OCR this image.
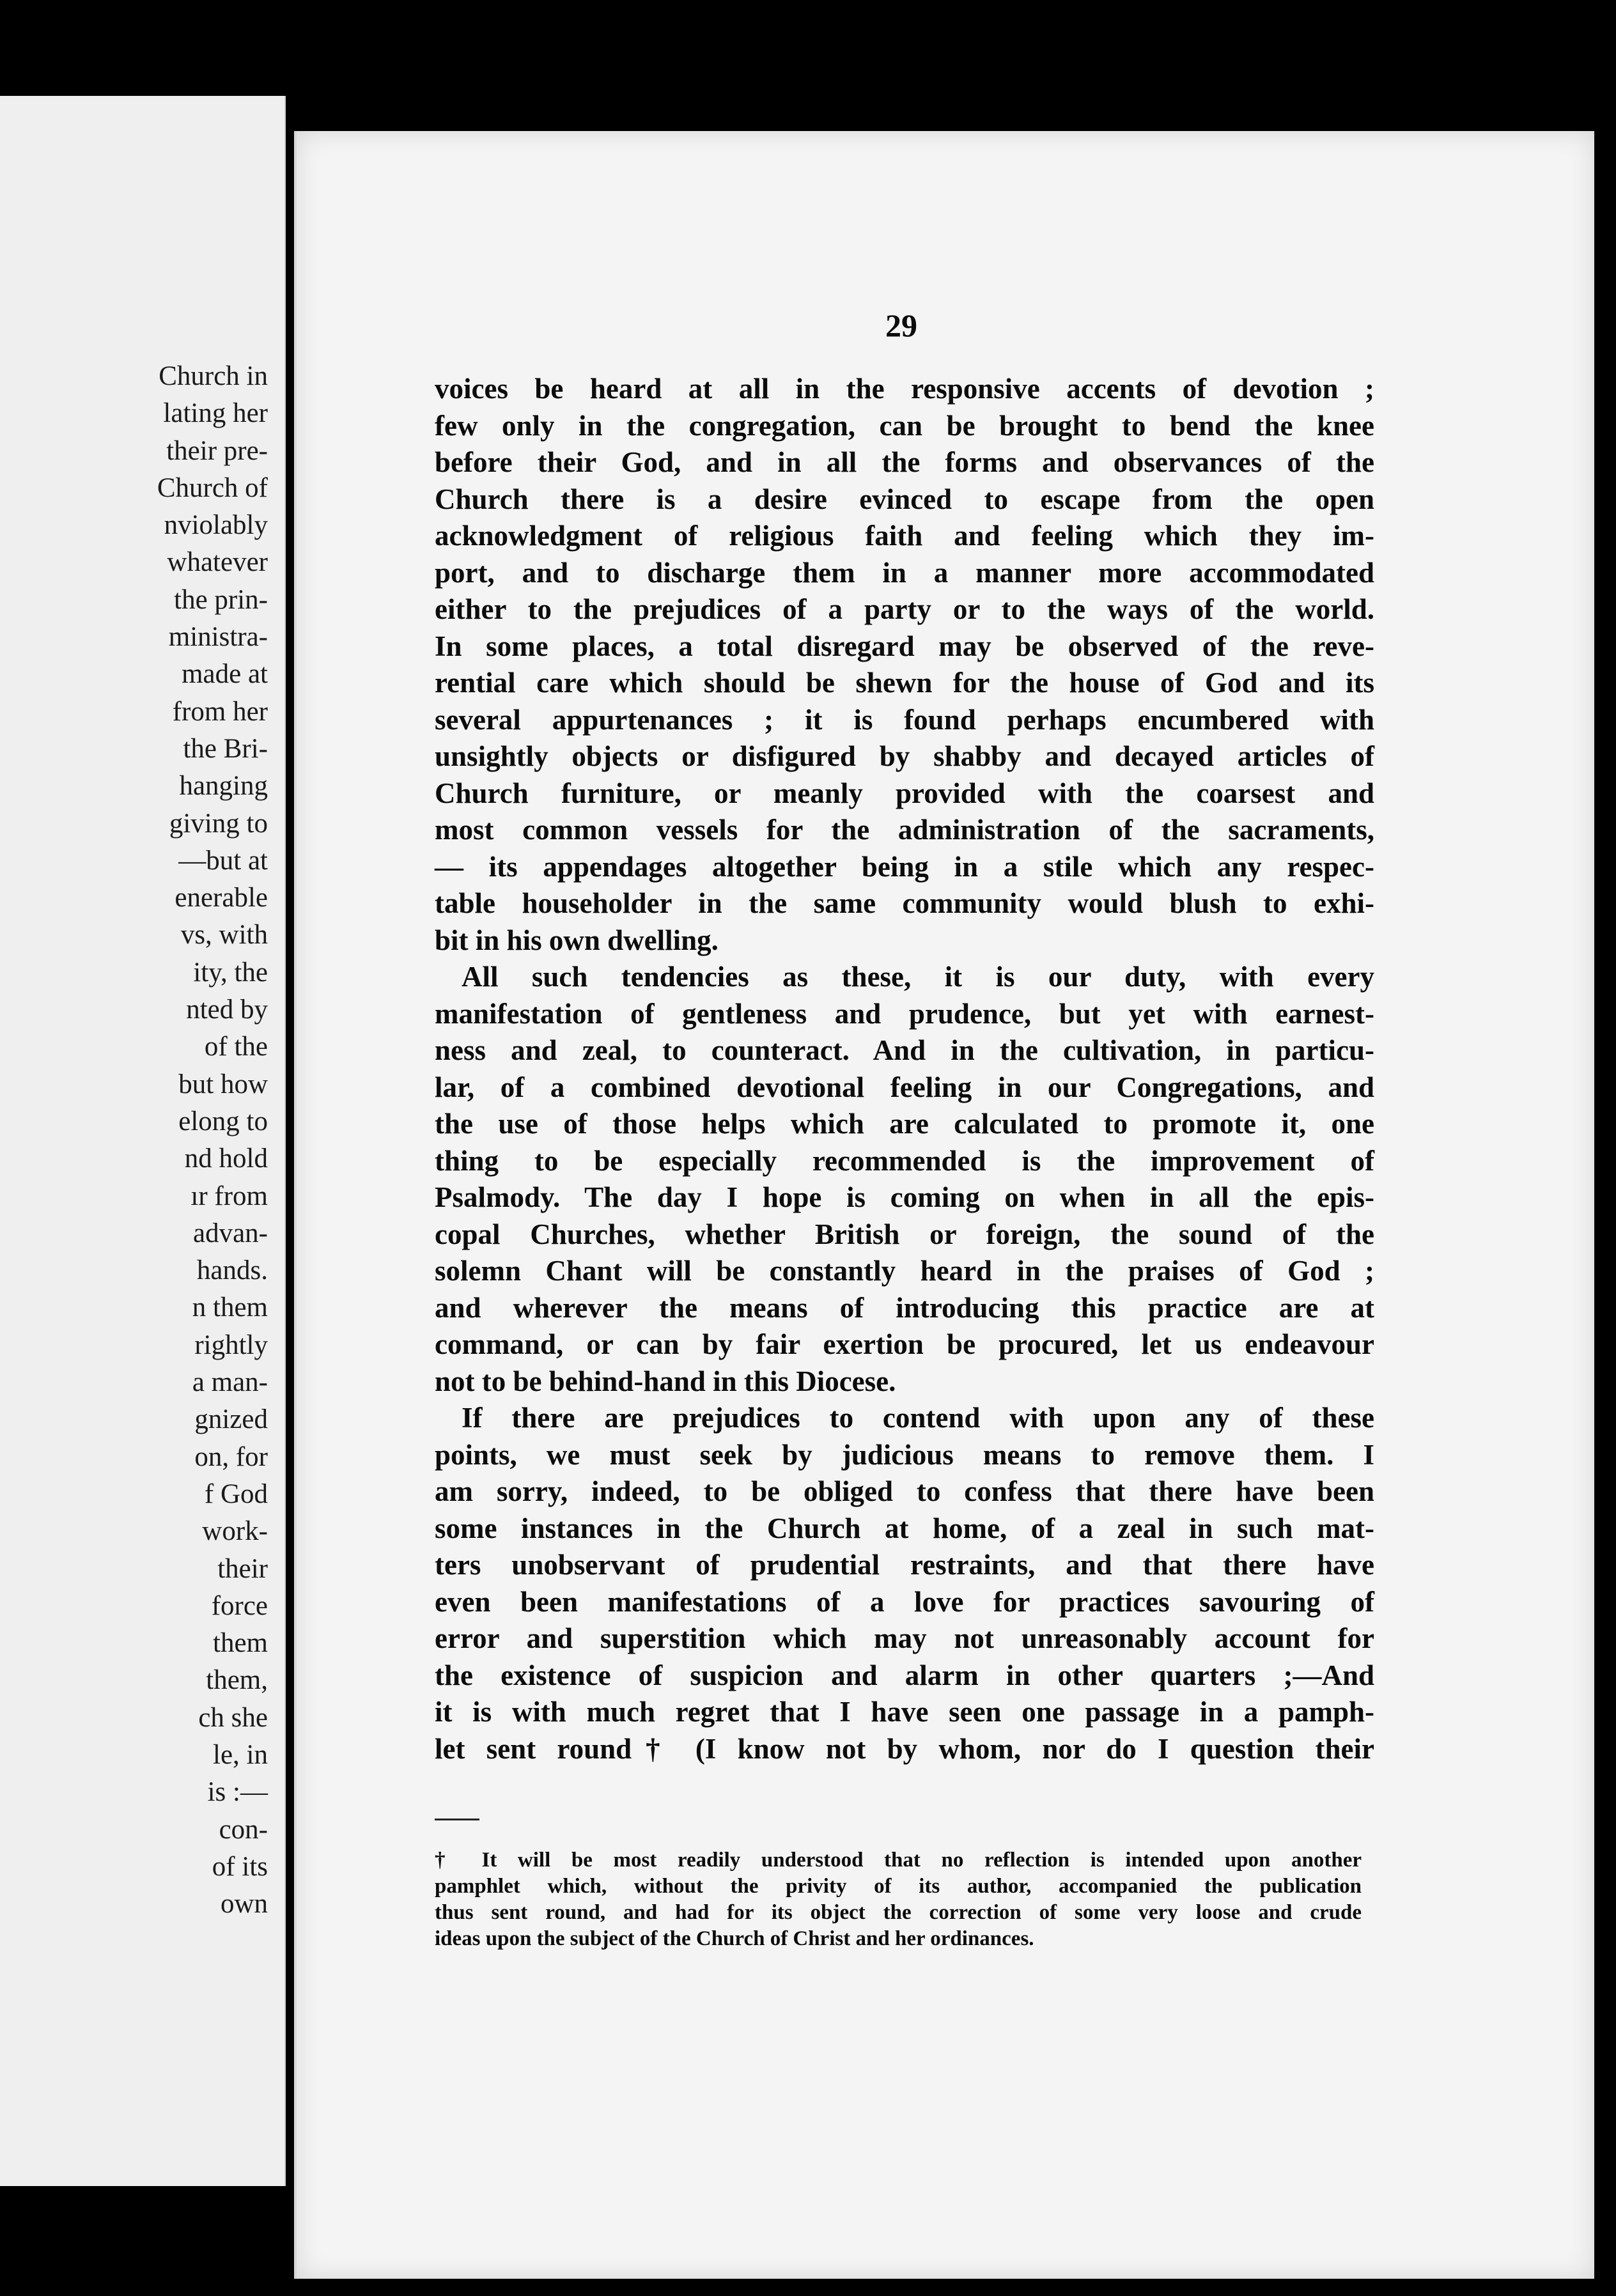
Church in
lating her
their pre-
Church of
nviolably
whatever
the prin-
ministra-
made at
from her
the Bri-
hanging
giving to
—but at
enerable
vs, with
ity, the
nted by
of the
but how
elong to
nd hold
ır from
advan-
hands.
n them
rightly
a man-
gnized
on, for
f God
work-
their
force
them
them,
ch she
le, in
is :—
con-
of its
own
29
voices be heard at all in the responsive accents of devotion ;
few only in the congregation, can be brought to bend the knee
before their God, and in all the forms and observances of the
Church there is a desire evinced to escape from the open
acknowledgment of religious faith and feeling which they im-
port, and to discharge them in a manner more accommodated
either to the prejudices of a party or to the ways of the world.
In some places, a total disregard may be observed of the reve-
rential care which should be shewn for the house of God and its
several appurtenances ; it is found perhaps encumbered with
unsightly objects or disfigured by shabby and decayed articles of
Church furniture, or meanly provided with the coarsest and
most common vessels for the administration of the sacraments,
— its appendages altogether being in a stile which any respec-
table householder in the same community would blush to exhi-
bit in his own dwelling.
All such tendencies as these, it is our duty, with every
manifestation of gentleness and prudence, but yet with earnest-
ness and zeal, to counteract. And in the cultivation, in particu-
lar, of a combined devotional feeling in our Congregations, and
the use of those helps which are calculated to promote it, one
thing to be especially recommended is the improvement of
Psalmody. The day I hope is coming on when in all the epis-
copal Churches, whether British or foreign, the sound of the
solemn Chant will be constantly heard in the praises of God ;
and wherever the means of introducing this practice are at
command, or can by fair exertion be procured, let us endeavour
not to be behind-hand in this Diocese.
If there are prejudices to contend with upon any of these
points, we must seek by judicious means to remove them. I
am sorry, indeed, to be obliged to confess that there have been
some instances in the Church at home, of a zeal in such mat-
ters unobservant of prudential restraints, and that there have
even been manifestations of a love for practices savouring of
error and superstition which may not unreasonably account for
the existence of suspicion and alarm in other quarters ;—And
it is with much regret that I have seen one passage in a pamph-
let sent round† (I know not by whom, nor do I question their
† It will be most readily understood that no reflection is intended upon another
pamphlet which, without the privity of its author, accompanied the publication
thus sent round, and had for its object the correction of some very loose and crude
ideas upon the subject of the Church of Christ and her ordinances.
